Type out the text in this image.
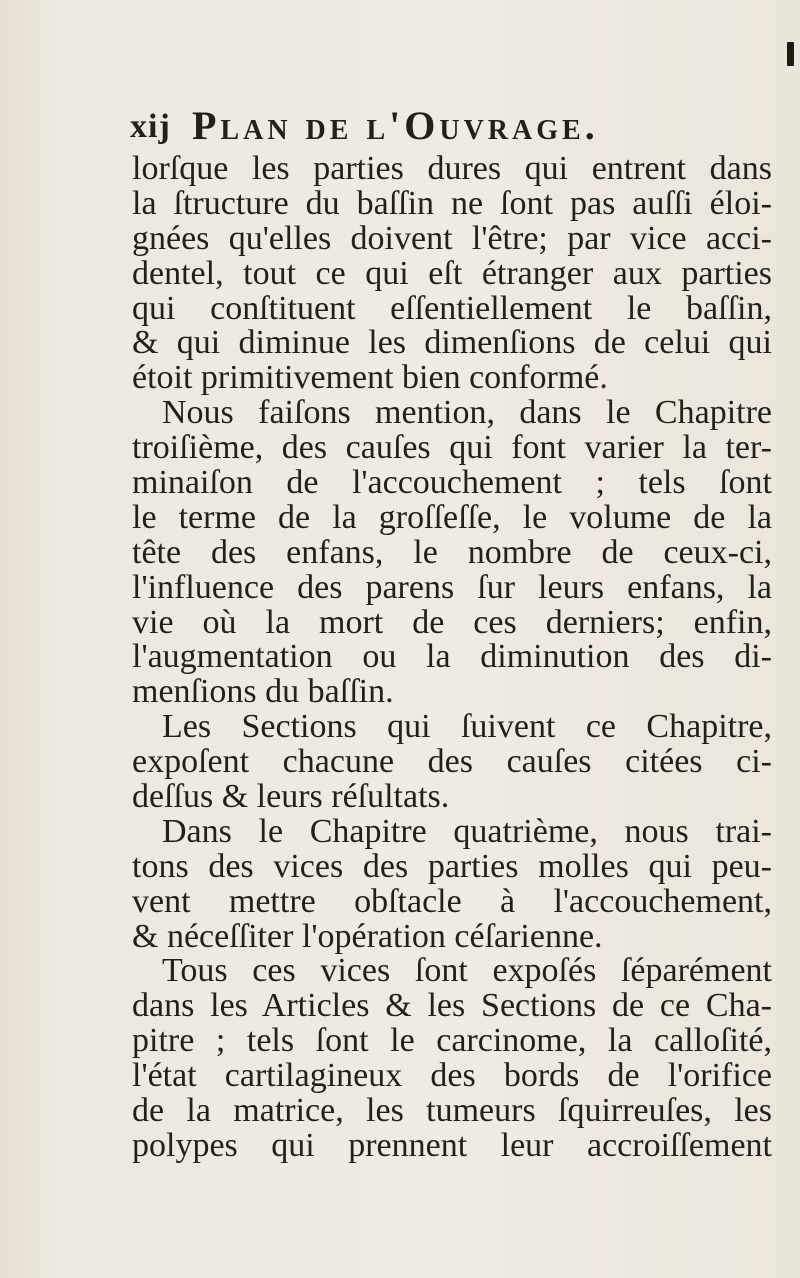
xij Plan de l'Ouvrage.
lorſque les parties dures qui entrent dans
la ſtructure du baſſin ne ſont pas auſſi éloi-
gnées qu'elles doivent l'être; par vice acci-
dentel, tout ce qui eſt étranger aux parties
qui conſtituent eſſentiellement le baſſin,
& qui diminue les dimenſions de celui qui
étoit primitivement bien conformé.
Nous faiſons mention, dans le Chapitre
troiſième, des cauſes qui font varier la ter-
minaiſon de l'accouchement ; tels ſont
le terme de la groſſeſſe, le volume de la
tête des enfans, le nombre de ceux-ci,
l'influence des parens ſur leurs enfans, la
vie où la mort de ces derniers; enfin,
l'augmentation ou la diminution des di-
menſions du baſſin.
Les Sections qui ſuivent ce Chapitre,
expoſent chacune des cauſes citées ci-
deſſus & leurs réſultats.
Dans le Chapitre quatrième, nous trai-
tons des vices des parties molles qui peu-
vent mettre obſtacle à l'accouchement,
& néceſſiter l'opération céſarienne.
Tous ces vices ſont expoſés ſéparément
dans les Articles & les Sections de ce Cha-
pitre ; tels ſont le carcinome, la calloſité,
l'état cartilagineux des bords de l'orifice
de la matrice, les tumeurs ſquirreuſes, les
polypes qui prennent leur accroiſſement
